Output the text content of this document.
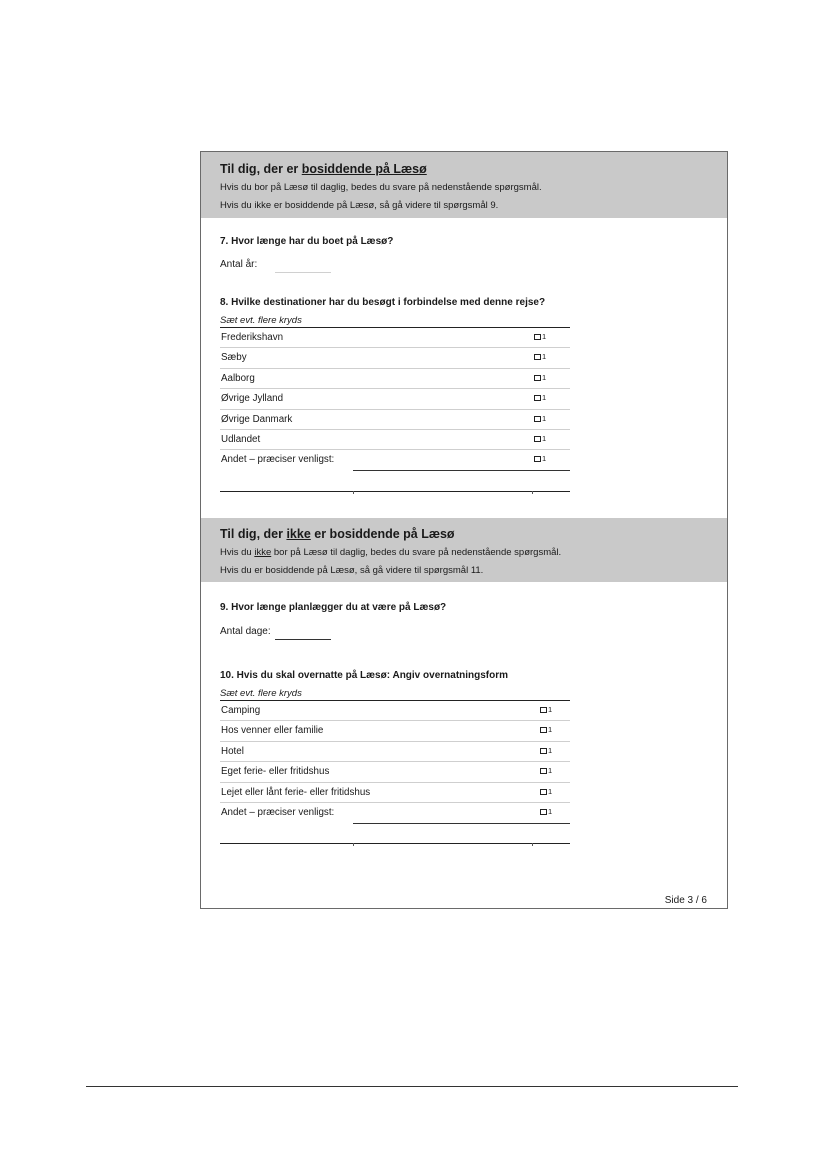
Til dig, der er bosiddende på Læsø
Hvis du bor på Læsø til daglig, bedes du svare på nedenstående spørgsmål.
Hvis du ikke er bosiddende på Læsø, så gå videre til spørgsmål 9.
7. Hvor længe har du boet på Læsø?
Antal år:
8. Hvilke destinationer har du besøgt i forbindelse med denne rejse?
Sæt evt. flere kryds
Frederikshavn	1
Sæby	1
Aalborg	1
Øvrige Jylland	1
Øvrige Danmark	1
Udlandet	1
Andet – præciser venligst:	1
Til dig, der ikke er bosiddende på Læsø
Hvis du ikke bor på Læsø til daglig, bedes du svare på nedenstående spørgsmål.
Hvis du er bosiddende på Læsø, så gå videre til spørgsmål 11.
9. Hvor længe planlægger du at være på Læsø?
Antal dage:
10. Hvis du skal overnatte på Læsø: Angiv overnatningsform
Sæt evt. flere kryds
Camping	1
Hos venner eller familie	1
Hotel	1
Eget ferie- eller fritidshus	1
Lejet eller lånt ferie- eller fritidshus	1
Andet – præciser venligst:	1
Side 3 / 6
